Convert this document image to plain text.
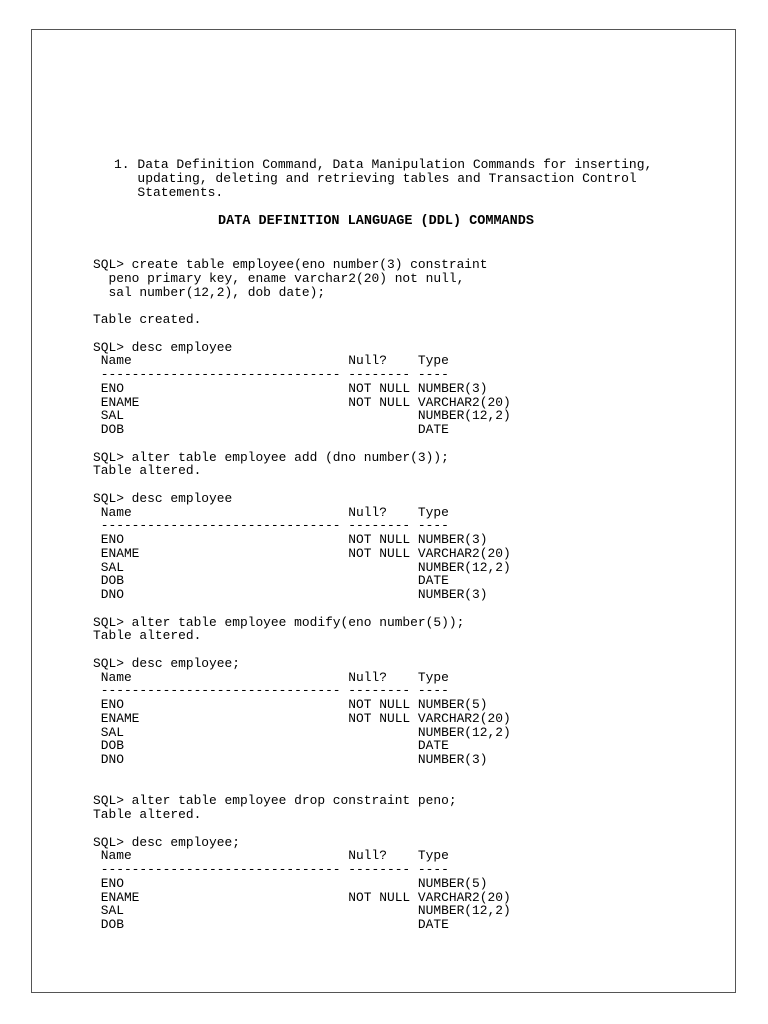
1. Data Definition Command, Data Manipulation Commands for inserting,
updating, deleting and retrieving tables and Transaction Control
Statements.
DATA DEFINITION LANGUAGE (DDL) COMMANDS
SQL> create table employee(eno number(3) constraint
peno primary key, ename varchar2(20) not null,
sal number(12,2), dob date);
Table created.
SQL> desc employee
Name                            Null?    Type
------------------------------- -------- ----
ENO                             NOT NULL NUMBER(3)
ENAME                           NOT NULL VARCHAR2(20)
SAL                                      NUMBER(12,2)
DOB                                      DATE
SQL> alter table employee add (dno number(3));
Table altered.
SQL> desc employee
Name                            Null?    Type
------------------------------- -------- ----
ENO                             NOT NULL NUMBER(3)
ENAME                           NOT NULL VARCHAR2(20)
SAL                                      NUMBER(12,2)
DOB                                      DATE
DNO                                      NUMBER(3)
SQL> alter table employee modify(eno number(5));
Table altered.
SQL> desc employee;
Name                            Null?    Type
------------------------------- -------- ----
ENO                             NOT NULL NUMBER(5)
ENAME                           NOT NULL VARCHAR2(20)
SAL                                      NUMBER(12,2)
DOB                                      DATE
DNO                                      NUMBER(3)
SQL> alter table employee drop constraint peno;
Table altered.
SQL> desc employee;
Name                            Null?    Type
------------------------------- -------- ----
ENO                                      NUMBER(5)
ENAME                           NOT NULL VARCHAR2(20)
SAL                                      NUMBER(12,2)
DOB                                      DATE
